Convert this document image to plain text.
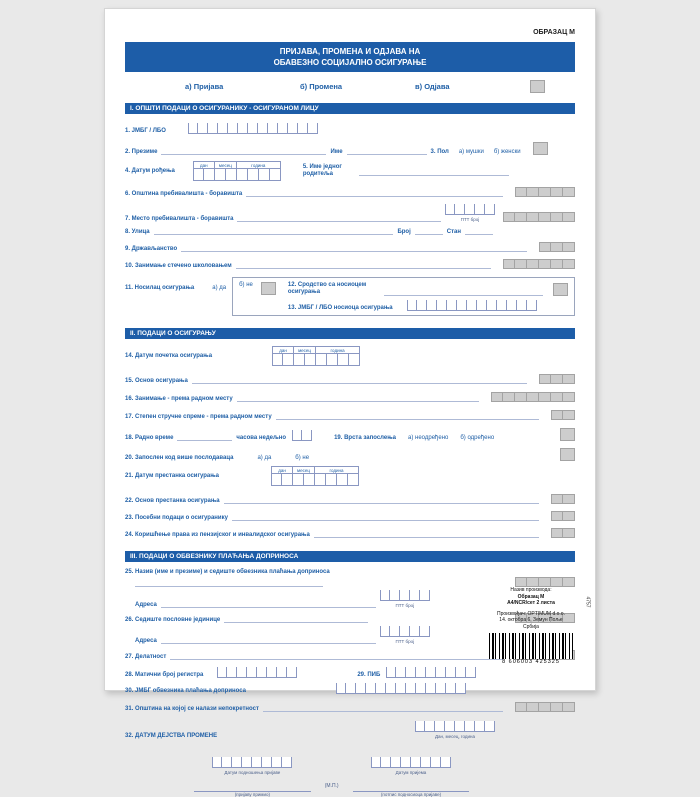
ОБРАЗАЦ М
ПРИЈАВА, ПРОМЕНА И ОДЈАВА НА
ОБАВЕЗНО СОЦИЈАЛНО ОСИГУРАЊЕ
а) Пријава	б) Промена	в) Одјава
I. ОПШТИ ПОДАЦИ О ОСИГУРАНИКУ - ОСИГУРАНОМ ЛИЦУ
1. ЈМБГ / ЛБО
2. Презиме	Име	3. Пол а) мушки б) женски
4. Датум рођења
дан	месец	година	5. Име једног родитеља
6. Општина пребивалишта - боравишта
7. Место пребивалишта - боравишта	ПТТ број
8. Улица	Број	Стан
9. Држављанство
10. Занимање стечено школовањем
11. Носилац осигурања	а) да б) не	12. Сродство са носиоцем осигурања
13. ЈМБГ / ЛБО носиоца осигурања
II. ПОДАЦИ О ОСИГУРАЊУ
14. Датум почетка осигурања
дан	месец	година
15. Основ осигурања
16. Занимање - према радном месту
17. Степен стручне спреме - према радном месту
18. Радно време	часова недељно	19. Врста запослења а) неодређено б) одређено
20. Запослен код више послодаваца	а) да	б) не
21. Датум престанка осигурања
дан	месец	година
22. Основ престанка осигурања
23. Посебни подаци о осигуранику
24. Коришћење права из пензијског и инвалидског осигурања
III. ПОДАЦИ О ОБВЕЗНИКУ ПЛАЋАЊА ДОПРИНОСА
25. Назив (име и презиме) и седиште обвезника плаћања доприноса
Адреса	ПТТ број
26. Седиште пословне јединице
Адреса	ПТТ број
27. Делатност
28. Матични број регистра	29. ПИБ
30. ЈМБГ обвезника плаћања доприноса
31. Општина на којој се налази непокретност
32. ДАТУМ ДЕЈСТВА ПРОМЕНЕ	Дан, месец, година
Датум подношења пријаве
(пријаву примио)
(М.П.)
Датум пријема
(потпис подносиоца пријаве)
Назив производа:
Образац М
А4/NCR/сет 2 листа
Произвођач: OPTIMUM d.o.o.
14. октобра 6, Земун Поље
Србија
8 606003 425325
4757
